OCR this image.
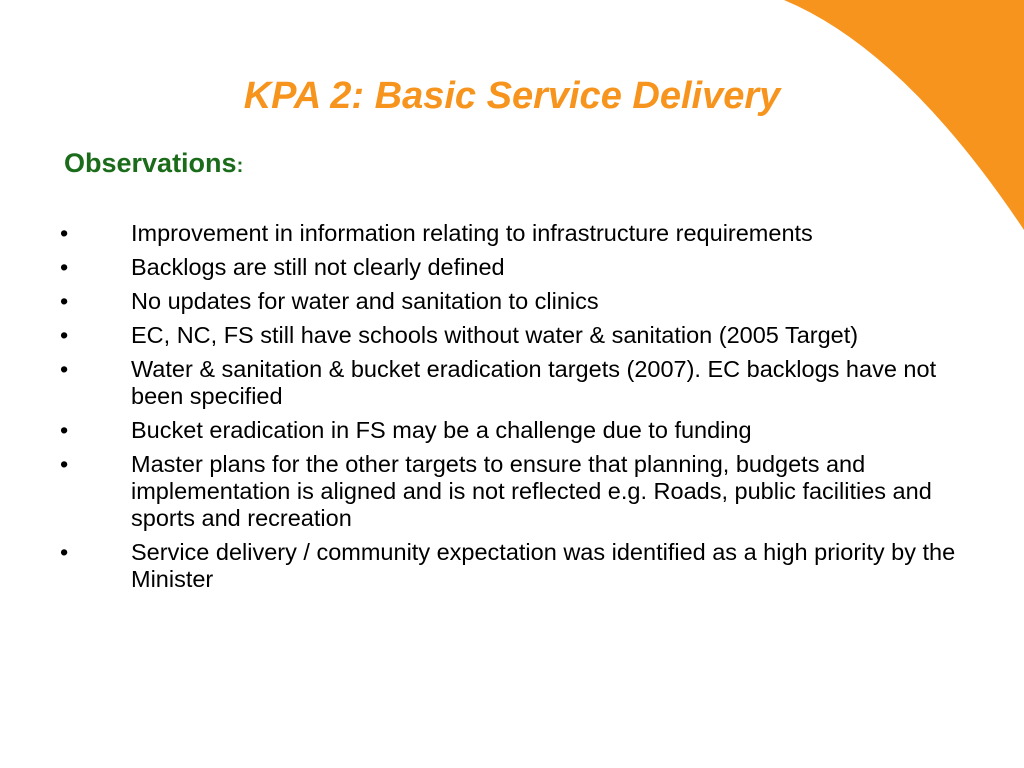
KPA 2: Basic Service Delivery
Observations:
•	Improvement in information relating to infrastructure requirements
•	Backlogs are still not clearly defined
•	No updates for water and sanitation to clinics
•	EC, NC, FS still have schools without water & sanitation (2005 Target)
•	Water & sanitation & bucket eradication targets (2007). EC backlogs have not been specified
•	Bucket eradication in FS may be a challenge due to funding
•	Master plans for the other targets to ensure that planning, budgets and implementation is aligned and is not reflected e.g. Roads, public facilities and sports and recreation
•	Service delivery / community expectation was identified as a high priority by the Minister
